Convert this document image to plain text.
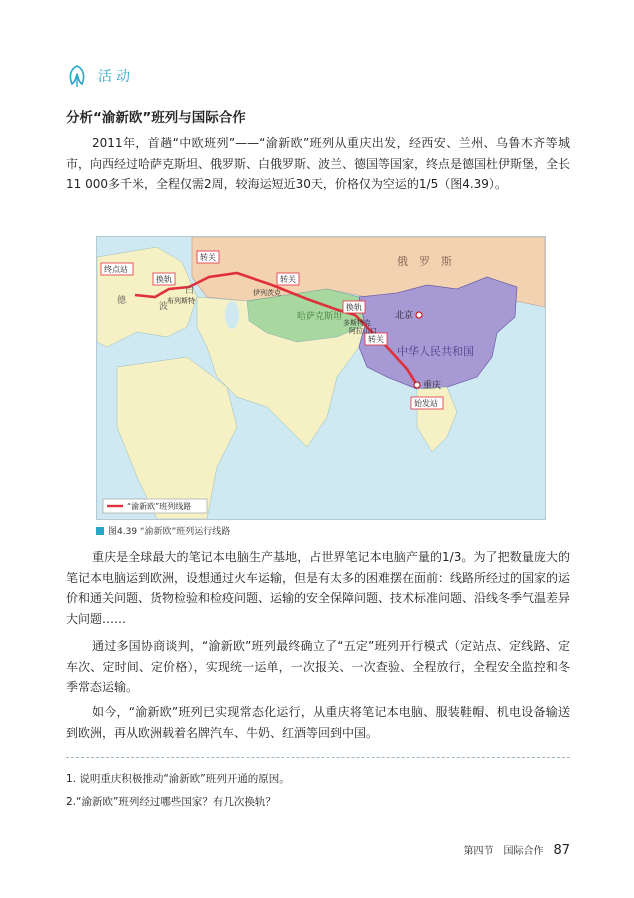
活动
分析“渝新欧”班列与国际合作

2011年，首趟“中欧班列”——“渝新欧”班列从重庆出发，经西安、兰州、乌鲁木齐等城市，向西经过哈萨克斯坦、俄罗斯、白俄罗斯、波兰、德国等国家，终点是德国杜伊斯堡，全长11 000多千米，全程仅需2周，较海运短近30天，价格仅为空运的1/5（图4.39）。

俄　罗　斯
哈萨克斯坦
中华人民共和国
德
波
白
北京
重庆
终点站
始发站
转关
转关
转关
换轨
换轨
布列斯特
多斯特克
阿拉山口
伊列茨克
“渝新欧”班列线路
图4.39 “渝新欧”班列运行线路

重庆是全球最大的笔记本电脑生产基地，占世界笔记本电脑产量的1/3。为了把数量庞大的笔记本电脑运到欧洲，设想通过火车运输，但是有太多的困难摆在面前：线路所经过的国家的运价和通关问题、货物检验和检疫问题、运输的安全保障问题、技术标准问题、沿线冬季气温差异大问题……

通过多国协商谈判，“渝新欧”班列最终确立了“五定”班列开行模式（定站点、定线路、定车次、定时间、定价格），实现统一运单，一次报关、一次查验、全程放行，全程安全监控和冬季常态运输。

如今，“渝新欧”班列已实现常态化运行，从重庆将笔记本电脑、服装鞋帽、机电设备输送到欧洲，再从欧洲载着名牌汽车、牛奶、红酒等回到中国。

1. 说明重庆积极推动“渝新欧”班列开通的原因。
2.“渝新欧”班列经过哪些国家？有几次换轨？
第四节　国际合作 87
